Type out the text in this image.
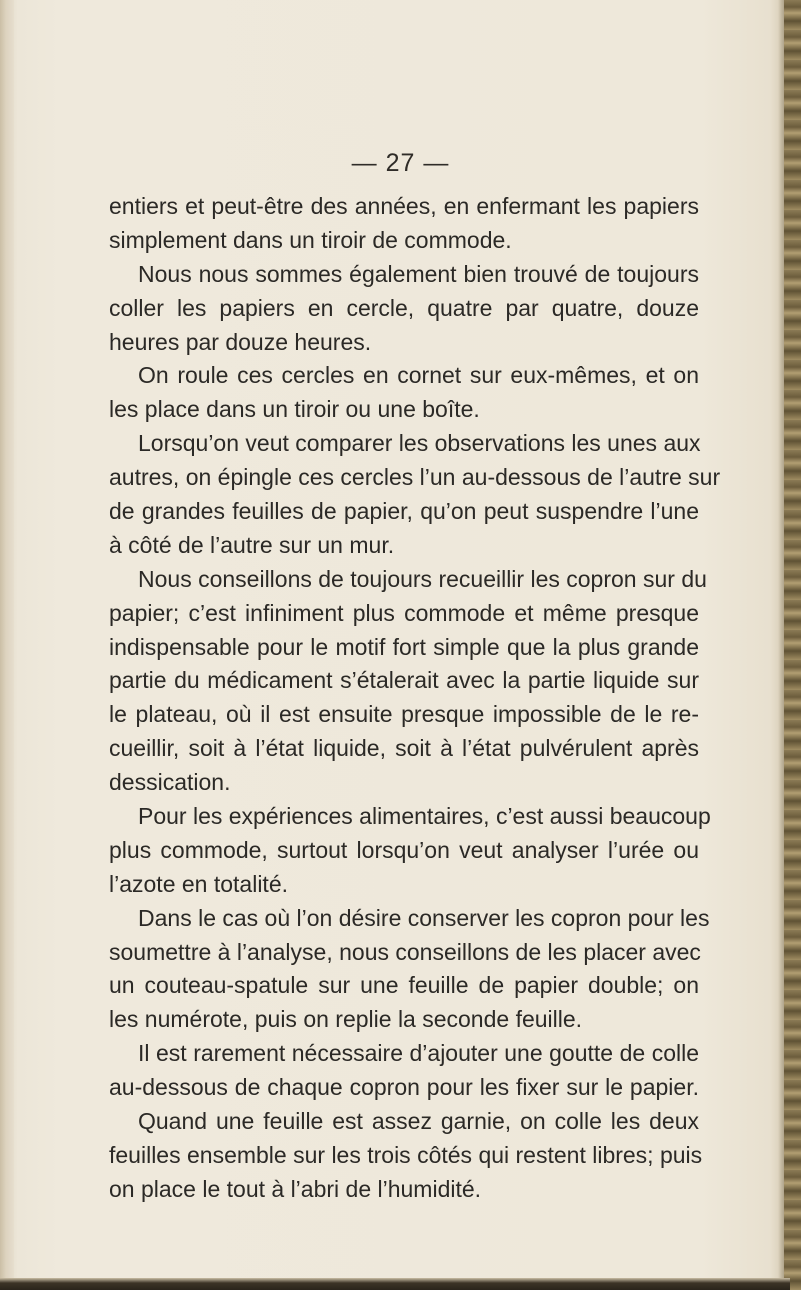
— 27 —
entiers et peut-être des années, en enfermant les papiers
simplement dans un tiroir de commode.
Nous nous sommes également bien trouvé de toujours
coller les papiers en cercle, quatre par quatre, douze
heures par douze heures.
On roule ces cercles en cornet sur eux-mêmes, et on
les place dans un tiroir ou une boîte.
Lorsqu’on veut comparer les observations les unes aux
autres, on épingle ces cercles l’un au-dessous de l’autre sur
de grandes feuilles de papier, qu’on peut suspendre l’une
à côté de l’autre sur un mur.
Nous conseillons de toujours recueillir les copron sur du
papier; c’est infiniment plus commode et même presque
indispensable pour le motif fort simple que la plus grande
partie du médicament s’étalerait avec la partie liquide sur
le plateau, où il est ensuite presque impossible de le re-
cueillir, soit à l’état liquide, soit à l’état pulvérulent après
dessication.
Pour les expériences alimentaires, c’est aussi beaucoup
plus commode, surtout lorsqu’on veut analyser l’urée ou
l’azote en totalité.
Dans le cas où l’on désire conserver les copron pour les
soumettre à l’analyse, nous conseillons de les placer avec
un couteau-spatule sur une feuille de papier double; on
les numérote, puis on replie la seconde feuille.
Il est rarement nécessaire d’ajouter une goutte de colle
au-dessous de chaque copron pour les fixer sur le papier.
Quand une feuille est assez garnie, on colle les deux
feuilles ensemble sur les trois côtés qui restent libres; puis
on place le tout à l’abri de l’humidité.
